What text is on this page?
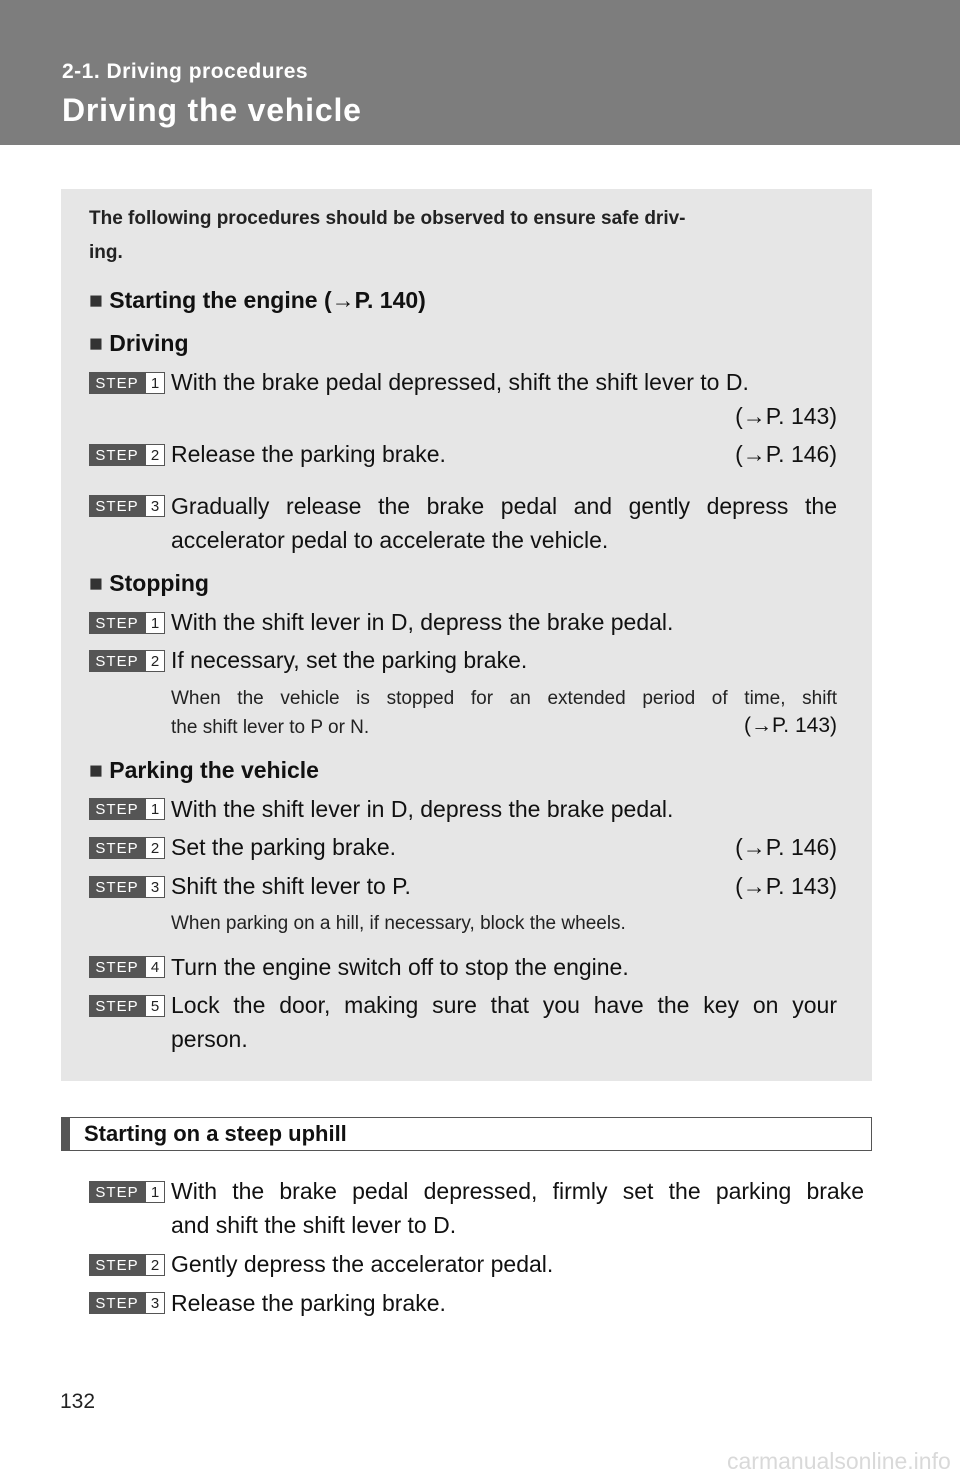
2-1. Driving procedures
Driving the vehicle
The following procedures should be observed to ensure safe driv-
ing.
■ Starting the engine (→P. 140)
■ Driving
STEP 1 With the brake pedal depressed, shift the shift lever to D.
(→P. 143)
STEP 2 Release the parking brake.	(→P. 146)
STEP 3 Gradually release the brake pedal and gently depress the
accelerator pedal to accelerate the vehicle.
■ Stopping
STEP 1 With the shift lever in D, depress the brake pedal.
STEP 2 If necessary, set the parking brake.
When the vehicle is stopped for an extended period of time, shift
the shift lever to P or N.	(→P. 143)
■ Parking the vehicle
STEP 1 With the shift lever in D, depress the brake pedal.
STEP 2 Set the parking brake.	(→P. 146)
STEP 3 Shift the shift lever to P.	(→P. 143)
When parking on a hill, if necessary, block the wheels.
STEP 4 Turn the engine switch off to stop the engine.
STEP 5 Lock the door, making sure that you have the key on your
person.
Starting on a steep uphill
STEP 1 With the brake pedal depressed, firmly set the parking brake
and shift the shift lever to D.
STEP 2 Gently depress the accelerator pedal.
STEP 3 Release the parking brake.
132
carmanualsonline.info
